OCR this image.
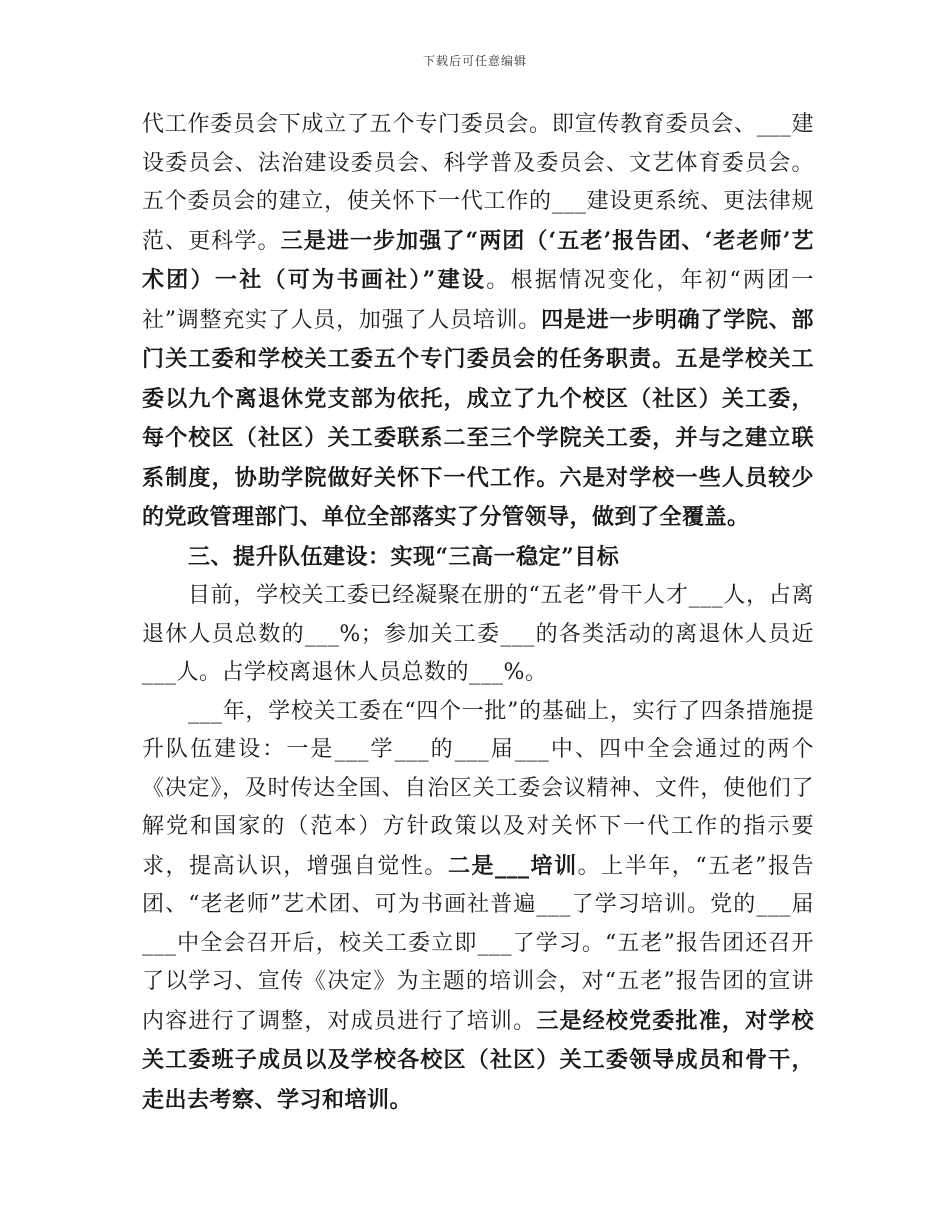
下载后可任意编辑

代工作委员会下成立了五个专门委员会。即宣传教育委员会、___建设委员会、法治建设委员会、科学普及委员会、文艺体育委员会。五个委员会的建立，使关怀下一代工作的___建设更系统、更法律规范、更科学。三是进一步加强了“两团（‘五老’报告团、‘老老师’艺术团）一社（可为书画社）”建设。根据情况变化，年初“两团一社”调整充实了人员，加强了人员培训。四是进一步明确了学院、部门关工委和学校关工委五个专门委员会的任务职责。五是学校关工委以九个离退休党支部为依托，成立了九个校区（社区）关工委，每个校区（社区）关工委联系二至三个学院关工委，并与之建立联系制度，协助学院做好关怀下一代工作。六是对学校一些人员较少的党政管理部门、单位全部落实了分管领导，做到了全覆盖。

三、提升队伍建设：实现“三高一稳定”目标

目前，学校关工委已经凝聚在册的“五老”骨干人才___人，占离退休人员总数的___%；参加关工委___的各类活动的离退休人员近___人。占学校离退休人员总数的___%。

___年，学校关工委在“四个一批”的基础上，实行了四条措施提升队伍建设：一是___学___的___届___中、四中全会通过的两个《决定》，及时传达全国、自治区关工委会议精神、文件，使他们了解党和国家的（范本）方针政策以及对关怀下一代工作的指示要求，提高认识，增强自觉性。二是___培训。上半年，“五老”报告团、“老老师”艺术团、可为书画社普遍___了学习培训。党的___届___中全会召开后，校关工委立即___了学习。“五老”报告团还召开了以学习、宣传《决定》为主题的培训会，对“五老”报告团的宣讲内容进行了调整，对成员进行了培训。三是经校党委批准，对学校关工委班子成员以及学校各校区（社区）关工委领导成员和骨干，走出去考察、学习和培训。
